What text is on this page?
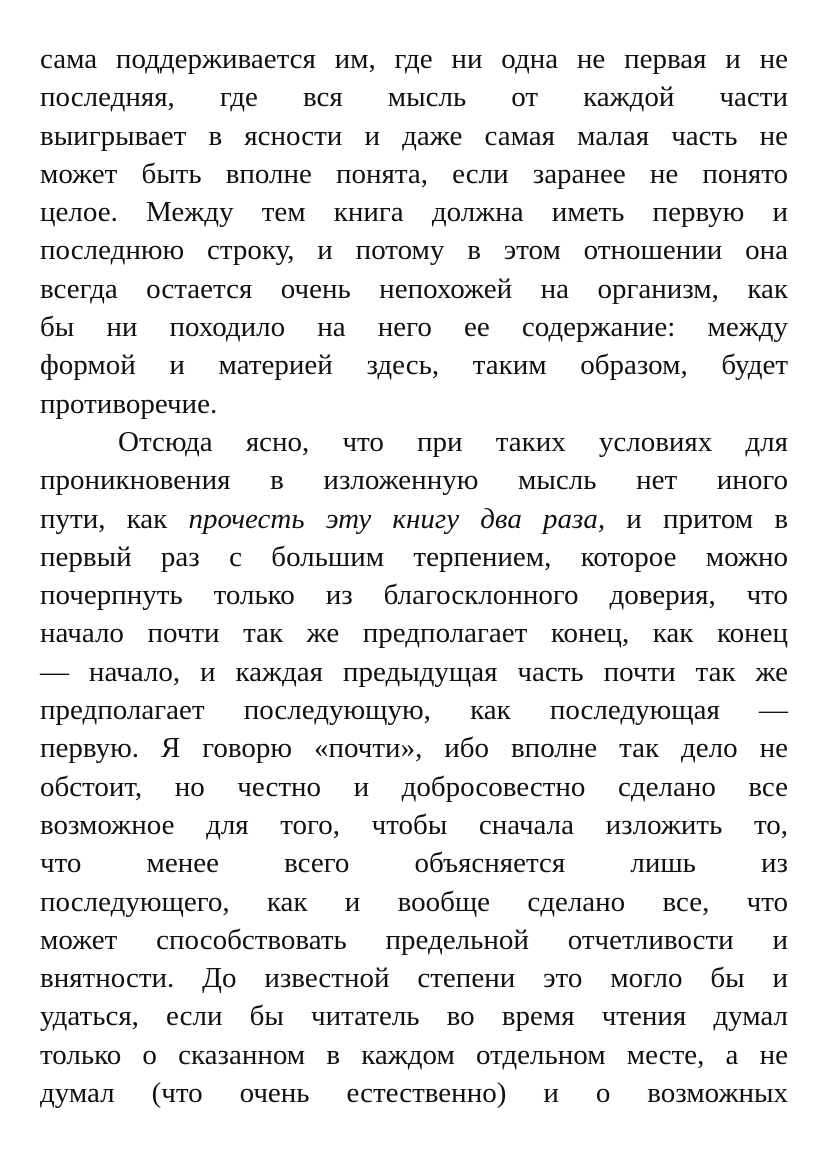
сама поддерживается им, где ни одна не первая и не
последняя, где вся мысль от каждой части
выигрывает в ясности и даже самая малая часть не
может быть вполне понята, если заранее не понято
целое. Между тем книга должна иметь первую и
последнюю строку, и потому в этом отношении она
всегда остается очень непохожей на организм, как
бы ни походило на него ее содержание: между
формой и материей здесь, таким образом, будет
противоречие.
Отсюда ясно, что при таких условиях для
проникновения в изложенную мысль нет иного
пути, как прочесть эту книгу два раза, и притом в
первый раз с большим терпением, которое можно
почерпнуть только из благосклонного доверия, что
начало почти так же предполагает конец, как конец
— начало, и каждая предыдущая часть почти так же
предполагает последующую, как последующая —
первую. Я говорю «почти», ибо вполне так дело не
обстоит, но честно и добросовестно сделано все
возможное для того, чтобы сначала изложить то,
что менее всего объясняется лишь из
последующего, как и вообще сделано все, что
может способствовать предельной отчетливости и
внятности. До известной степени это могло бы и
удаться, если бы читатель во время чтения думал
только о сказанном в каждом отдельном месте, а не
думал (что очень естественно) и о возможных
